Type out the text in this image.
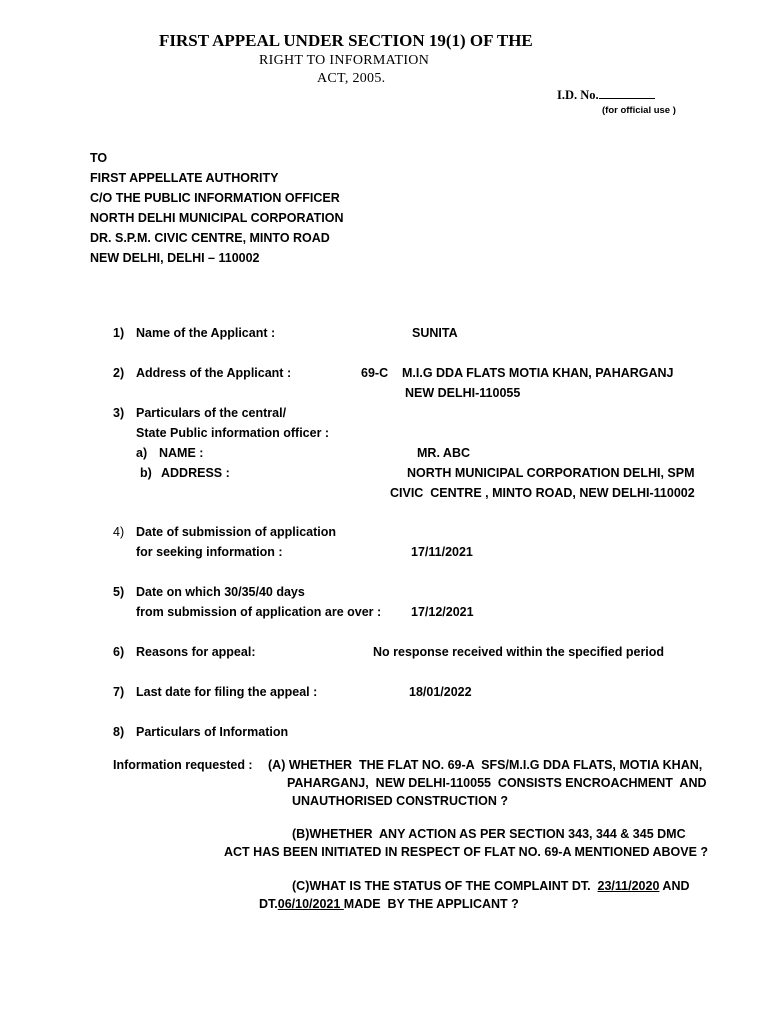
FIRST APPEAL UNDER SECTION 19(1) OF THE
RIGHT TO INFORMATION
ACT, 2005.
I.D. No.
(for official use )
TO
FIRST APPELLATE AUTHORITY
C/O THE PUBLIC INFORMATION OFFICER
NORTH DELHI MUNICIPAL CORPORATION
DR. S.P.M. CIVIC CENTRE, MINTO ROAD
NEW DELHI, DELHI – 110002
1) Name of the Applicant :	SUNITA
2) Address of the Applicant :	69-C    M.I.G DDA FLATS MOTIA KHAN, PAHARGANJ
NEW DELHI-110055
3) Particulars of the central/
State Public information officer :
a) NAME :	MR. ABC
b) ADDRESS :	NORTH MUNICIPAL CORPORATION DELHI, SPM
CIVIC  CENTRE , MINTO ROAD, NEW DELHI-110002
4) Date of submission of application
for seeking information :	17/11/2021
5) Date on which 30/35/40 days
from submission of application are over : 17/12/2021
6) Reasons for appeal:	No response received within the specified period
7) Last date for filing the appeal :	18/01/2022
8) Particulars of Information
Information requested : (A) WHETHER  THE FLAT NO. 69-A  SFS/M.I.G DDA FLATS, MOTIA KHAN,
PAHARGANJ,  NEW DELHI-110055  CONSISTS ENCROACHMENT  AND
UNAUTHORISED CONSTRUCTION ?
(B)WHETHER  ANY ACTION AS PER SECTION 343, 344 & 345 DMC
ACT HAS BEEN INITIATED IN RESPECT OF FLAT NO. 69-A MENTIONED ABOVE ?
(C)WHAT IS THE STATUS OF THE COMPLAINT DT.  23/11/2020 AND
DT.06/10/2021 MADE  BY THE APPLICANT ?
